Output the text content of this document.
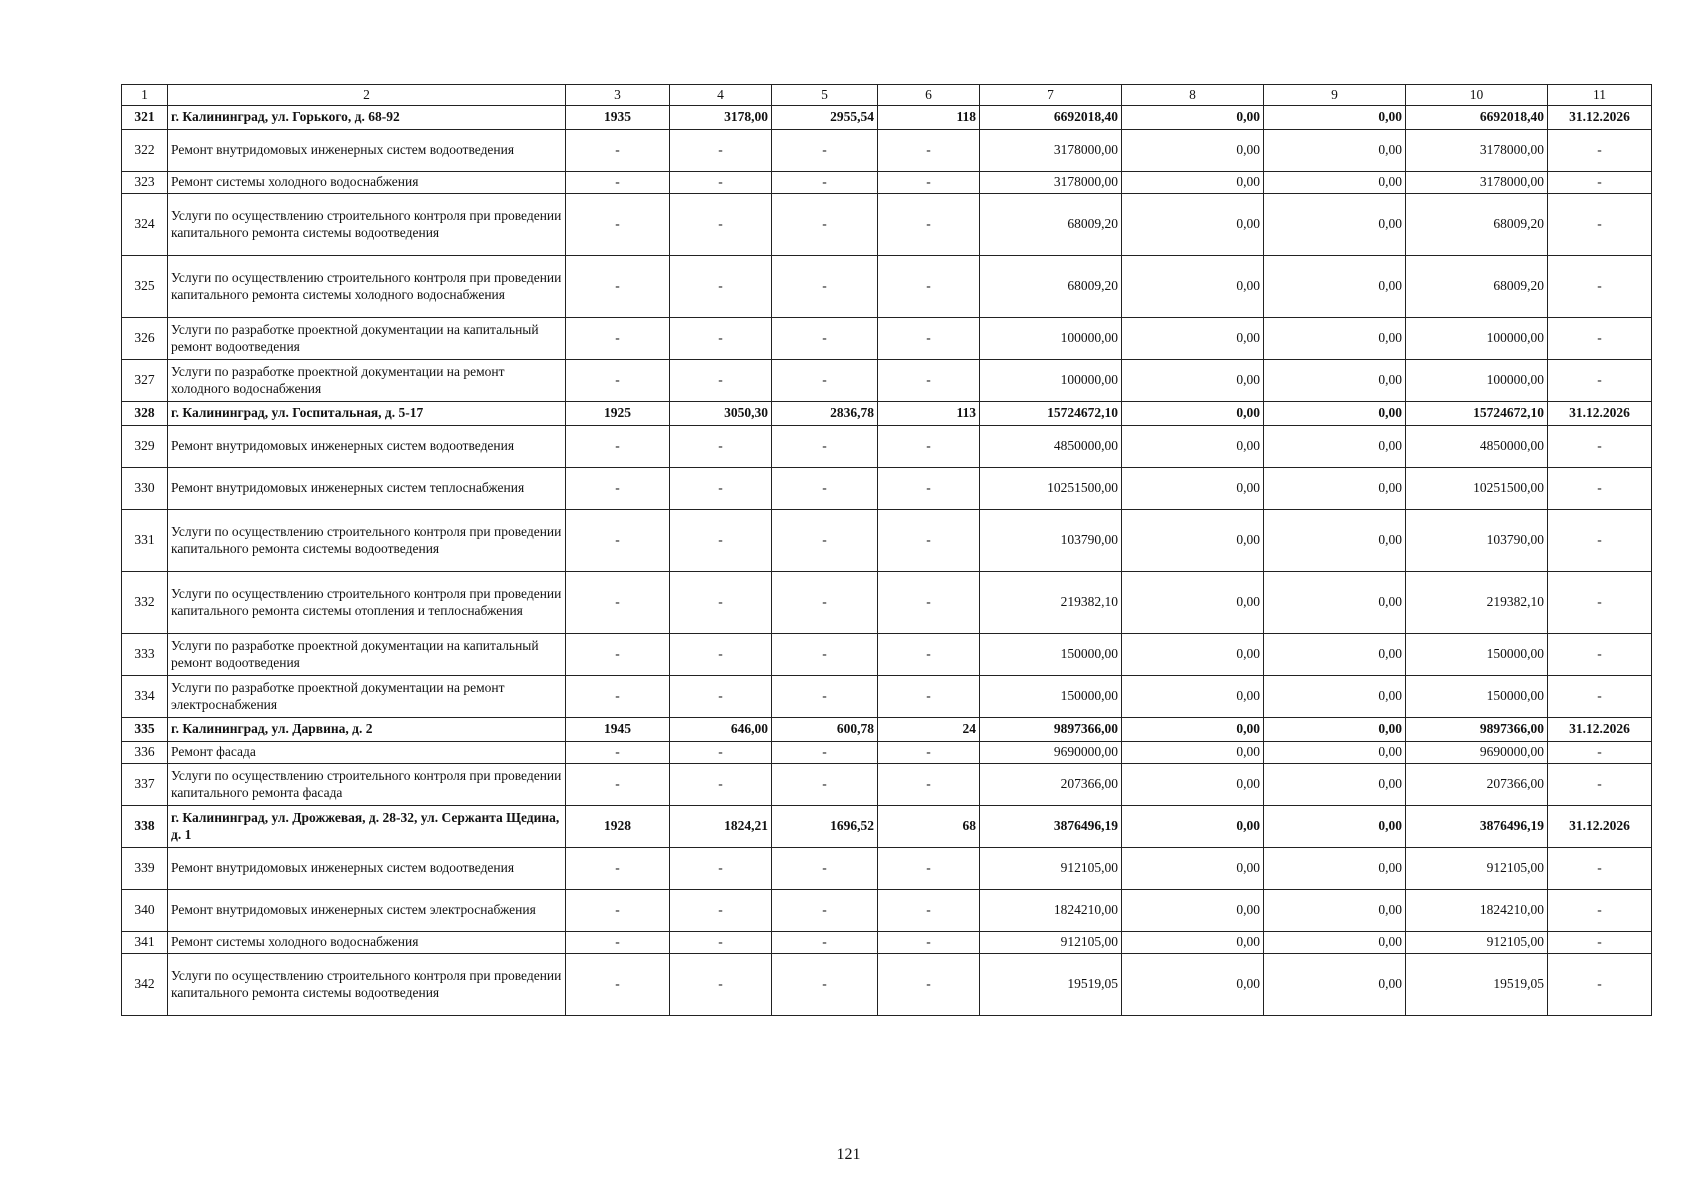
1	2	3	4	5	6	7	8	9	10	11
321	г. Калининград, ул. Горького, д. 68-92	1935	3178,00	2955,54	118	6692018,40	0,00	0,00	6692018,40	31.12.2026
322	Ремонт внутридомовых инженерных систем водоотведения	-	-	-	-	3178000,00	0,00	0,00	3178000,00	-
323	Ремонт системы холодного водоснабжения	-	-	-	-	3178000,00	0,00	0,00	3178000,00	-
324	Услуги по осуществлению строительного контроля при проведении капитального ремонта системы водоотведения	-	-	-	-	68009,20	0,00	0,00	68009,20	-
325	Услуги по осуществлению строительного контроля при проведении капитального ремонта системы холодного водоснабжения	-	-	-	-	68009,20	0,00	0,00	68009,20	-
326	Услуги по разработке проектной документации на капитальный ремонт водоотведения	-	-	-	-	100000,00	0,00	0,00	100000,00	-
327	Услуги по разработке проектной документации на ремонт холодного водоснабжения	-	-	-	-	100000,00	0,00	0,00	100000,00	-
328	г. Калининград, ул. Госпитальная, д. 5-17	1925	3050,30	2836,78	113	15724672,10	0,00	0,00	15724672,10	31.12.2026
329	Ремонт внутридомовых инженерных систем водоотведения	-	-	-	-	4850000,00	0,00	0,00	4850000,00	-
330	Ремонт внутридомовых инженерных систем теплоснабжения	-	-	-	-	10251500,00	0,00	0,00	10251500,00	-
331	Услуги по осуществлению строительного контроля при проведении капитального ремонта системы водоотведения	-	-	-	-	103790,00	0,00	0,00	103790,00	-
332	Услуги по осуществлению строительного контроля при проведении капитального ремонта системы отопления и теплоснабжения	-	-	-	-	219382,10	0,00	0,00	219382,10	-
333	Услуги по разработке проектной документации на капитальный ремонт водоотведения	-	-	-	-	150000,00	0,00	0,00	150000,00	-
334	Услуги по разработке проектной документации на ремонт электроснабжения	-	-	-	-	150000,00	0,00	0,00	150000,00	-
335	г. Калининград, ул. Дарвина, д. 2	1945	646,00	600,78	24	9897366,00	0,00	0,00	9897366,00	31.12.2026
336	Ремонт фасада	-	-	-	-	9690000,00	0,00	0,00	9690000,00	-
337	Услуги по осуществлению строительного контроля при проведении капитального ремонта фасада	-	-	-	-	207366,00	0,00	0,00	207366,00	-
338	г. Калининград, ул. Дрожжевая, д. 28-32, ул. Сержанта Щедина, д. 1	1928	1824,21	1696,52	68	3876496,19	0,00	0,00	3876496,19	31.12.2026
339	Ремонт внутридомовых инженерных систем водоотведения	-	-	-	-	912105,00	0,00	0,00	912105,00	-
340	Ремонт внутридомовых инженерных систем электроснабжения	-	-	-	-	1824210,00	0,00	0,00	1824210,00	-
341	Ремонт системы холодного водоснабжения	-	-	-	-	912105,00	0,00	0,00	912105,00	-
342	Услуги по осуществлению строительного контроля при проведении капитального ремонта системы водоотведения	-	-	-	-	19519,05	0,00	0,00	19519,05	-
121
